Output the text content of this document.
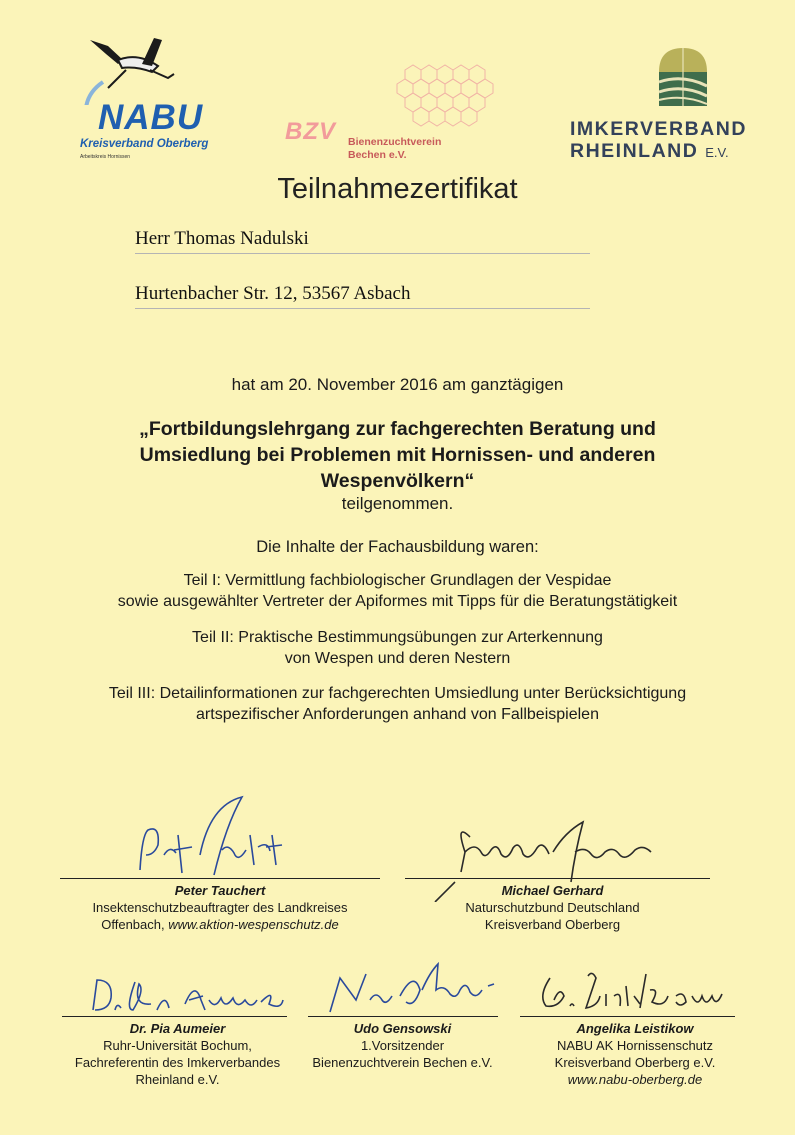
NABU
Kreisverband Oberberg
Arbeitskreis Hornissen
BZV Bienenzuchtverein
Bechen e.V.
IMKERVERBAND
RHEINLAND E.V.
Teilnahmezertifikat
Herr Thomas Nadulski
Hurtenbacher Str. 12, 53567 Asbach
hat am 20. November 2016 am ganztägigen
„Fortbildungslehrgang zur fachgerechten Beratung und
Umsiedlung bei Problemen mit Hornissen- und anderen
Wespenvölkern“
teilgenommen.
Die Inhalte der Fachausbildung waren:
Teil I: Vermittlung fachbiologischer Grundlagen der Vespidae
sowie ausgewählter Vertreter der Apiformes mit Tipps für die Beratungstätigkeit
Teil II: Praktische Bestimmungsübungen zur Arterkennung
von Wespen und deren Nestern
Teil III: Detailinformationen zur fachgerechten Umsiedlung unter Berücksichtigung
artspezifischer Anforderungen anhand von Fallbeispielen
Peter Tauchert
Insektenschutzbeauftragter des Landkreises
Offenbach, www.aktion-wespenschutz.de
Michael Gerhard
Naturschutzbund Deutschland
Kreisverband Oberberg
Dr. Pia Aumeier
Ruhr-Universität Bochum,
Fachreferentin des Imkerverbandes
Rheinland e.V.
Udo Gensowski
1.Vorsitzender
Bienenzuchtverein Bechen e.V.
Angelika Leistikow
NABU AK Hornissenschutz
Kreisverband Oberberg e.V.
www.nabu-oberberg.de
